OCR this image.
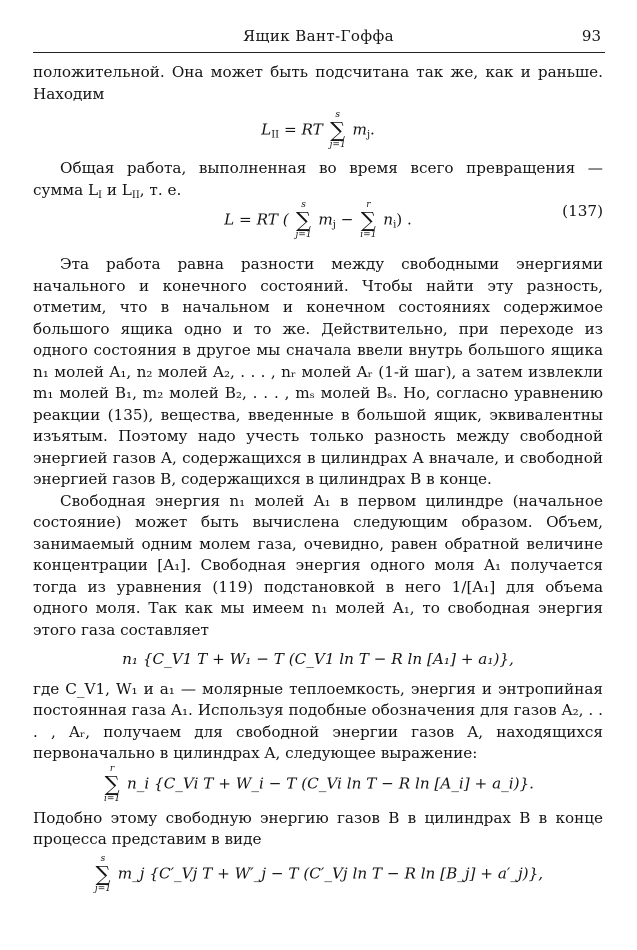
Ящик Вант-Гоффа	93

положительной. Она может быть подсчитана так же, как и раньше. Находим

$L_{II}$ = RT
s
∑
j=1
$m_j$.

Общая работа, выполненная во время всего превращения — сумма $L_I$ и $L_{II}$, т. е.

L = RT (
s
∑
j=1
$m_j$ −
r
∑
i=1
$n_i$) .	(137)

Эта работа равна разности между свободными энергиями начального и конечного состояний. Чтобы найти эту разность, отметим, что в начальном и конечном состояниях содержимое большого ящика одно и то же. Действительно, при переходе из одного состояния в другое мы сначала ввели внутрь большого ящика n₁ молей A₁, n₂ молей A₂, . . . , nᵣ молей Aᵣ (1-й шаг), а затем извлекли m₁ молей B₁, m₂ молей B₂, . . . , mₛ молей Bₛ. Но, согласно уравнению реакции (135), вещества, введенные в большой ящик, эквивалентны изъятым. Поэтому надо учесть только разность между свободной энергией газов A, содержащихся в цилиндрах A вначале, и свободной энергией газов B, содержащихся в цилиндрах B в конце.

Свободная энергия n₁ молей A₁ в первом цилиндре (начальное состояние) может быть вычислена следующим образом. Объем, занимаемый одним молем газа, очевидно, равен обратной величине концентрации [A₁]. Свободная энергия одного моля A₁ получается тогда из уравнения (119) подстановкой в него 1/[A₁] для объема одного моля. Так как мы имеем n₁ молей A₁, то свободная энергия этого газа составляет

n₁ {C_V1 T + W₁ − T (C_V1 ln T − R ln [A₁] + a₁)},

где C_V1, W₁ и a₁ — молярные теплоемкость, энергия и энтропийная постоянная газа A₁. Используя подобные обозначения для газов A₂, . . . , Aᵣ, получаем для свободной энергии газов A, находящихся первоначально в цилиндрах A, следующее выражение:

r
∑
i=1
n_i {C_Vi T + W_i − T (C_Vi ln T − R ln [A_i] + a_i)}.

Подобно этому свободную энергию газов B в цилиндрах B в конце процесса представим в виде

s
∑
j=1
m_j {C′_Vj T + W′_j − T (C′_Vj ln T − R ln [B_j] + a′_j)},
